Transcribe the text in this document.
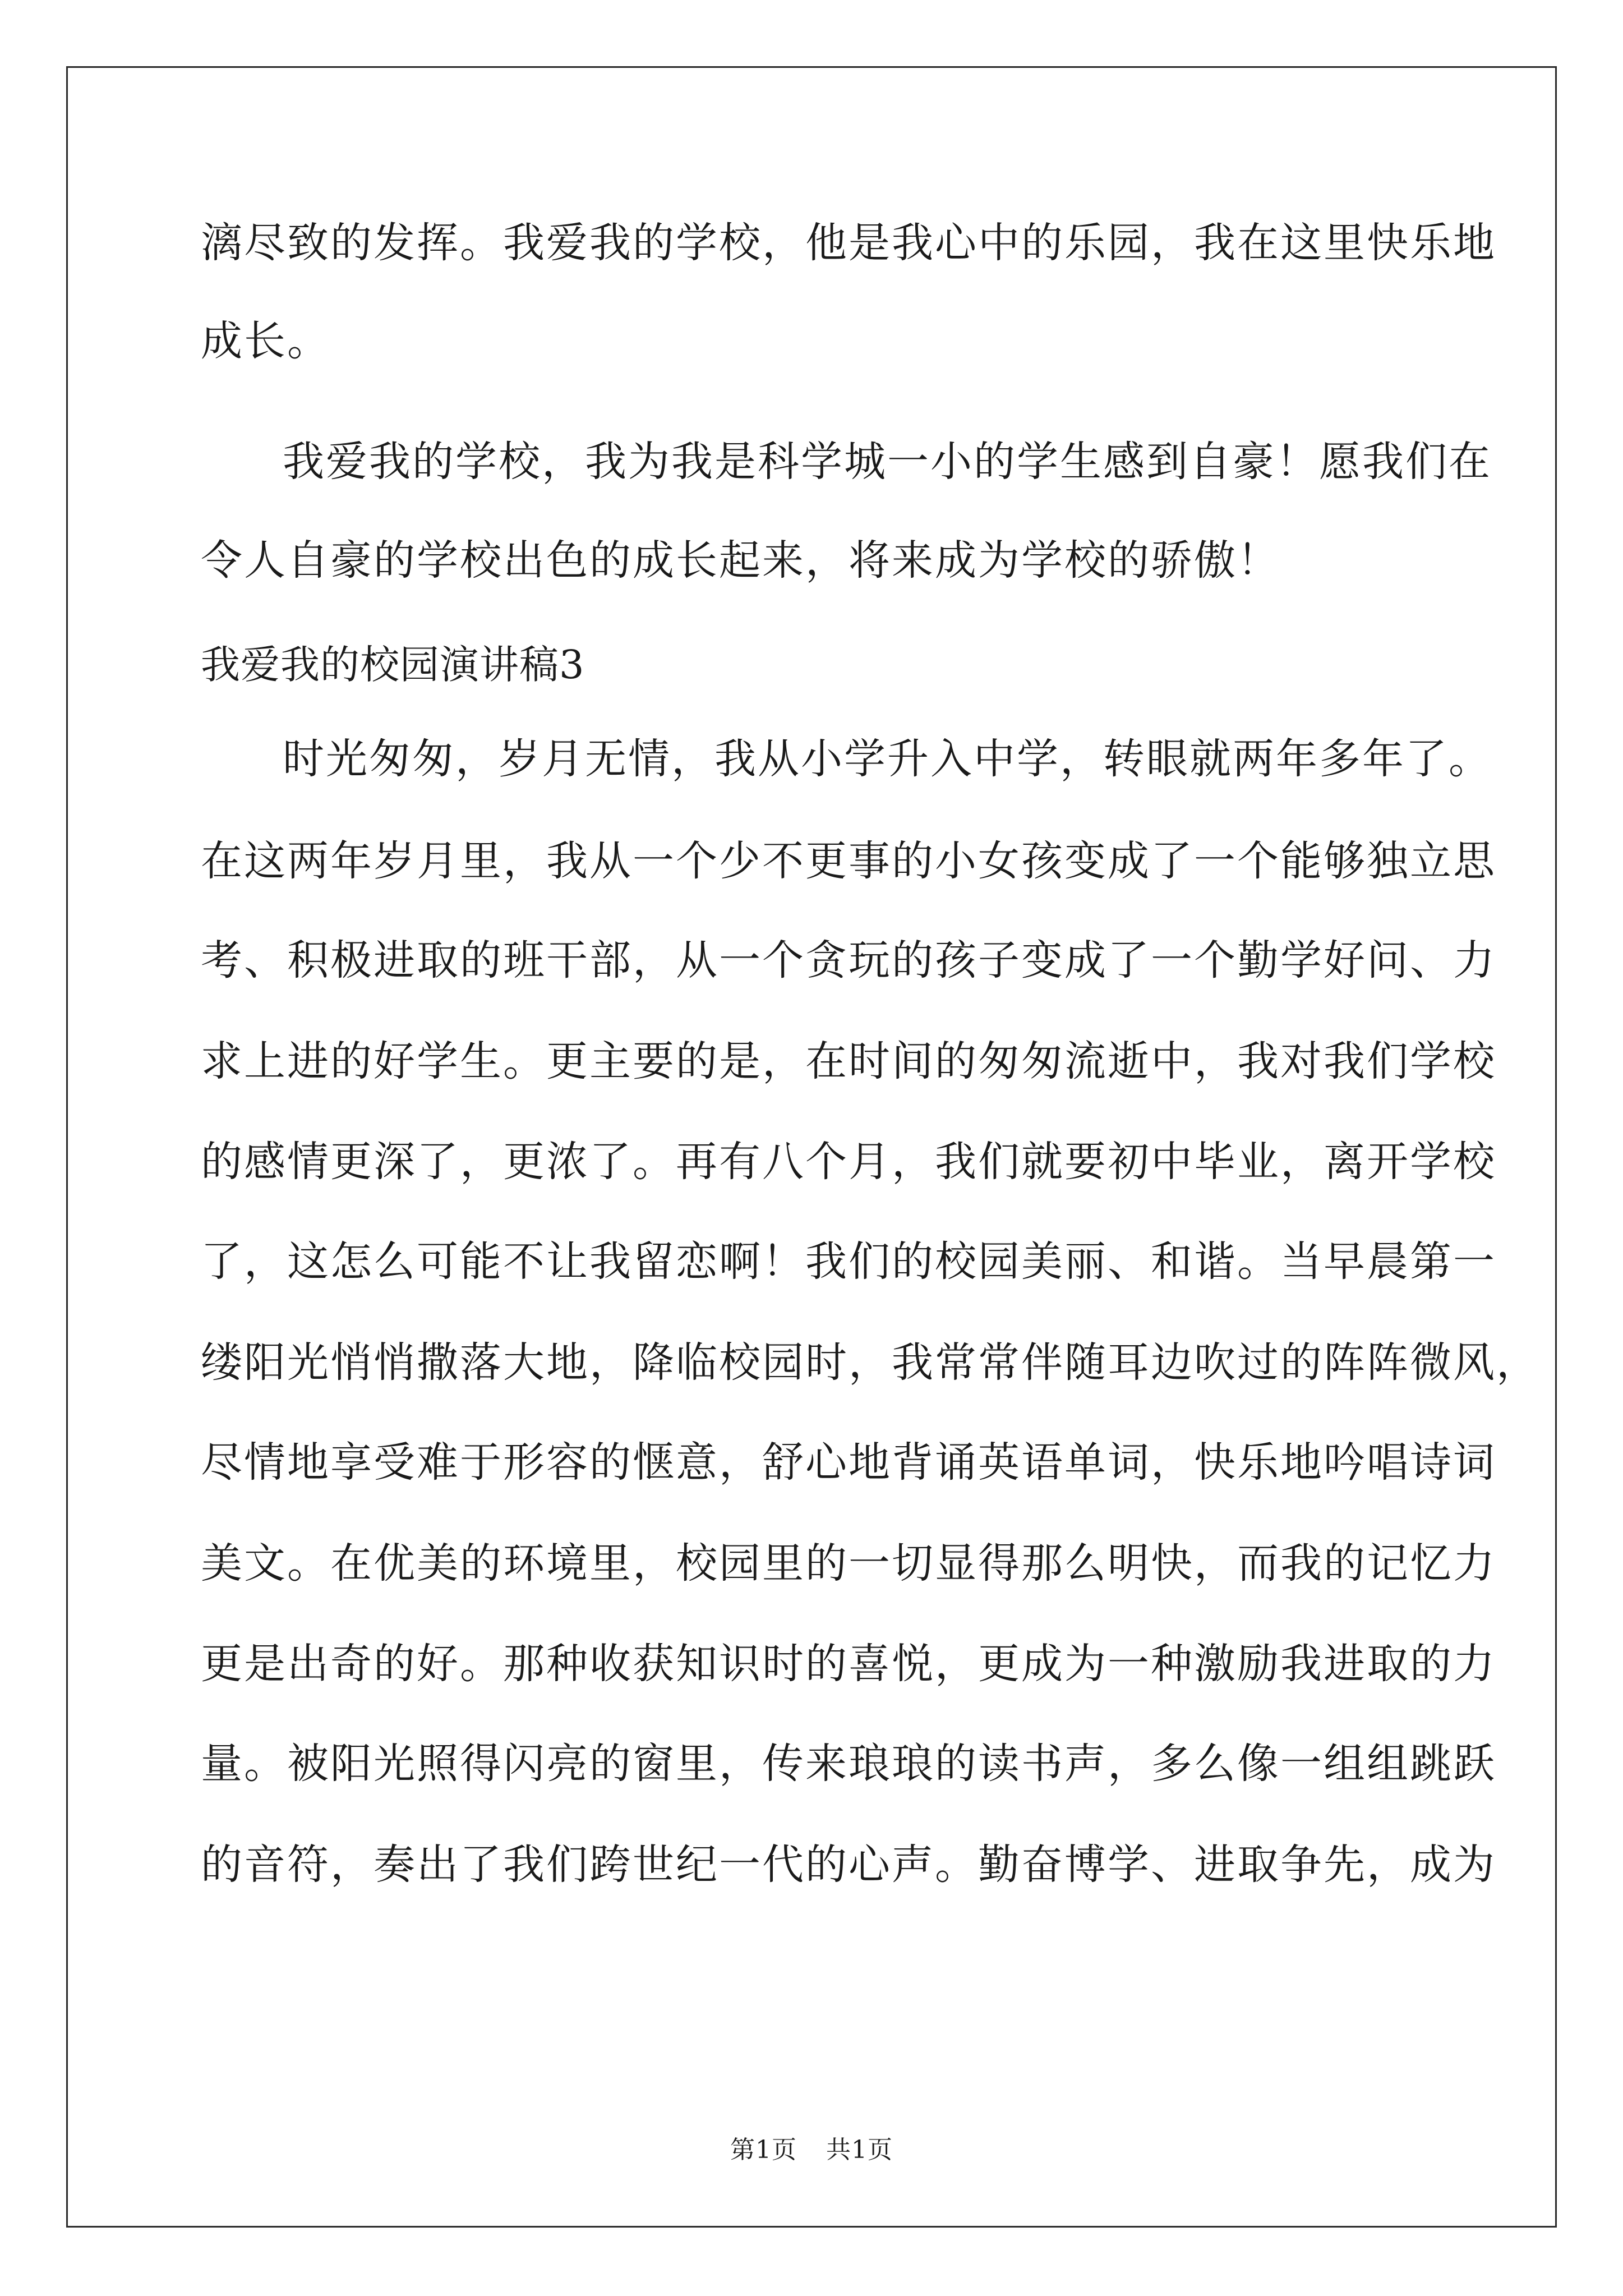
漓尽致的发挥。我爱我的学校，他是我心中的乐园，我在这里快乐地
成长。
我爱我的学校，我为我是科学城一小的学生感到自豪！愿我们在
令人自豪的学校出色的成长起来，将来成为学校的骄傲！
我爱我的校园演讲稿3
时光匆匆，岁月无情，我从小学升入中学，转眼就两年多年了。
在这两年岁月里，我从一个少不更事的小女孩变成了一个能够独立思
考、积极进取的班干部，从一个贪玩的孩子变成了一个勤学好问、力
求上进的好学生。更主要的是，在时间的匆匆流逝中，我对我们学校
的感情更深了，更浓了。再有八个月，我们就要初中毕业，离开学校
了，这怎么可能不让我留恋啊！我们的校园美丽、和谐。当早晨第一
缕阳光悄悄撒落大地，降临校园时，我常常伴随耳边吹过的阵阵微风，
尽情地享受难于形容的惬意，舒心地背诵英语单词，快乐地吟唱诗词
美文。在优美的环境里，校园里的一切显得那么明快，而我的记忆力
更是出奇的好。那种收获知识时的喜悦，更成为一种激励我进取的力
量。被阳光照得闪亮的窗里，传来琅琅的读书声，多么像一组组跳跃
的音符，奏出了我们跨世纪一代的心声。勤奋博学、进取争先，成为
第1页 共1页
